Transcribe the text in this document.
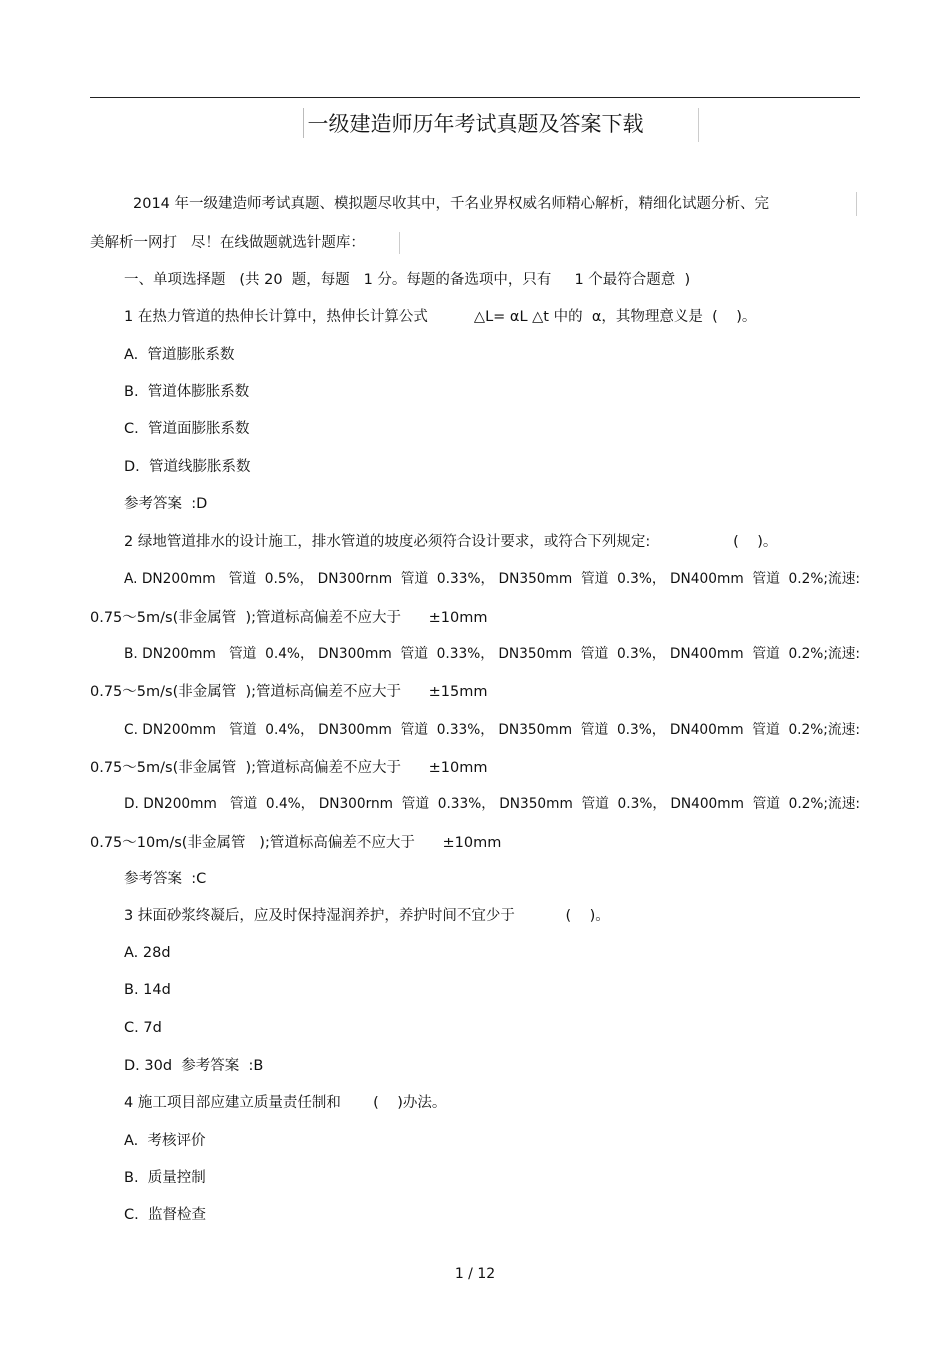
一级建造师历年考试真题及答案下载
2014 年一级建造师考试真题、模拟题尽收其中，千名业界权威名师精心解析，精细化试题分析、完
美解析一网打   尽！在线做题就选针题库：
一、单项选择题   (共 20  题，每题   1 分。每题的备选项中，只有     1 个最符合题意  )
1 在热力管道的热伸长计算中，热伸长计算公式          △L= αL △t 中的  α，其物理意义是  (    )。
A.  管道膨胀系数
B.  管道体膨胀系数
C.  管道面膨胀系数
D.  管道线膨胀系数
参考答案  :D
2 绿地管道排水的设计施工，排水管道的坡度必须符合设计要求，或符合下列规定:                  (    )。
A. DN200mm   管道  0.5%， DN300rnm  管道  0.33%， DN350mm  管道  0.3%， DN400mm  管道  0.2%;流速:
0.75～5m/s(非金属管  );管道标高偏差不应大于      ±10mm
B. DN200mm   管道  0.4%， DN300mm  管道  0.33%， DN350mm  管道  0.3%， DN400mm  管道  0.2%;流速:
0.75～5m/s(非金属管  );管道标高偏差不应大于      ±15mm
C. DN200mm   管道  0.4%， DN300mm  管道  0.33%， DN350mm  管道  0.3%， DN400mm  管道  0.2%;流速:
0.75～5m/s(非金属管  );管道标高偏差不应大于      ±10mm
D. DN200mm   管道  0.4%， DN300rnm  管道  0.33%， DN350mm  管道  0.3%， DN400mm  管道  0.2%;流速:
0.75～10m/s(非金属管   );管道标高偏差不应大于      ±10mm
参考答案  :C
3 抹面砂浆终凝后，应及时保持湿润养护，养护时间不宜少于           (    )。
A. 28d
B. 14d
C. 7d
D. 30d  参考答案  :B
4 施工项目部应建立质量责任制和       (    )办法。
A.  考核评价
B.  质量控制
C.  监督检查
1 / 12
